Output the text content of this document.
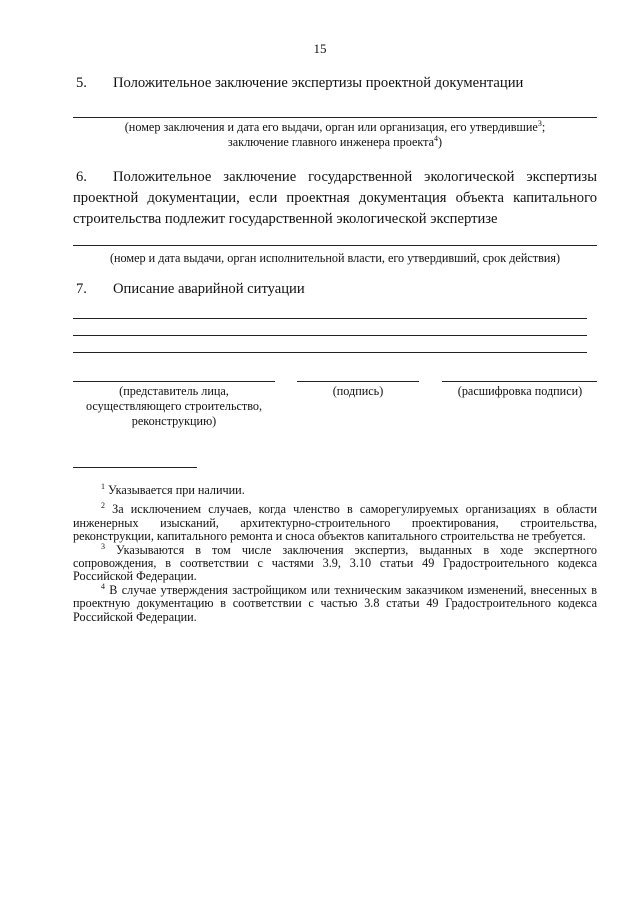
15
5. Положительное заключение экспертизы проектной документации
(номер заключения и дата его выдачи, орган или организация, его утвердившие$^3$;
заключение главного инженера проекта$^4$)
6. Положительное заключение государственной экологической экспертизы
проектной документации, если проектная документация объекта капитального
строительства подлежит государственной экологической экспертизе
(номер и дата выдачи, орган исполнительной власти, его утвердивший, срок действия)
7. Описание аварийной ситуации
(представитель лица,
осуществляющего строительство,
реконструкцию)
(подпись)	(расшифровка подписи)

$^1$ Указывается при наличии.

$^2$ За исключением случаев, когда членство в саморегулируемых организациях в области инженерных изысканий, архитектурно-строительного проектирования, строительства, реконструкции, капитального ремонта и сноса объектов капитального строительства не требуется.

$^3$ Указываются в том числе заключения экспертиз, выданных в ходе экспертного сопровождения, в соответствии с частями 3.9, 3.10 статьи 49 Градостроительного кодекса Российской Федерации.

$^4$ В случае утверждения застройщиком или техническим заказчиком изменений, внесенных в проектную документацию в соответствии с частью 3.8 статьи 49 Градостроительного кодекса Российской Федерации.
